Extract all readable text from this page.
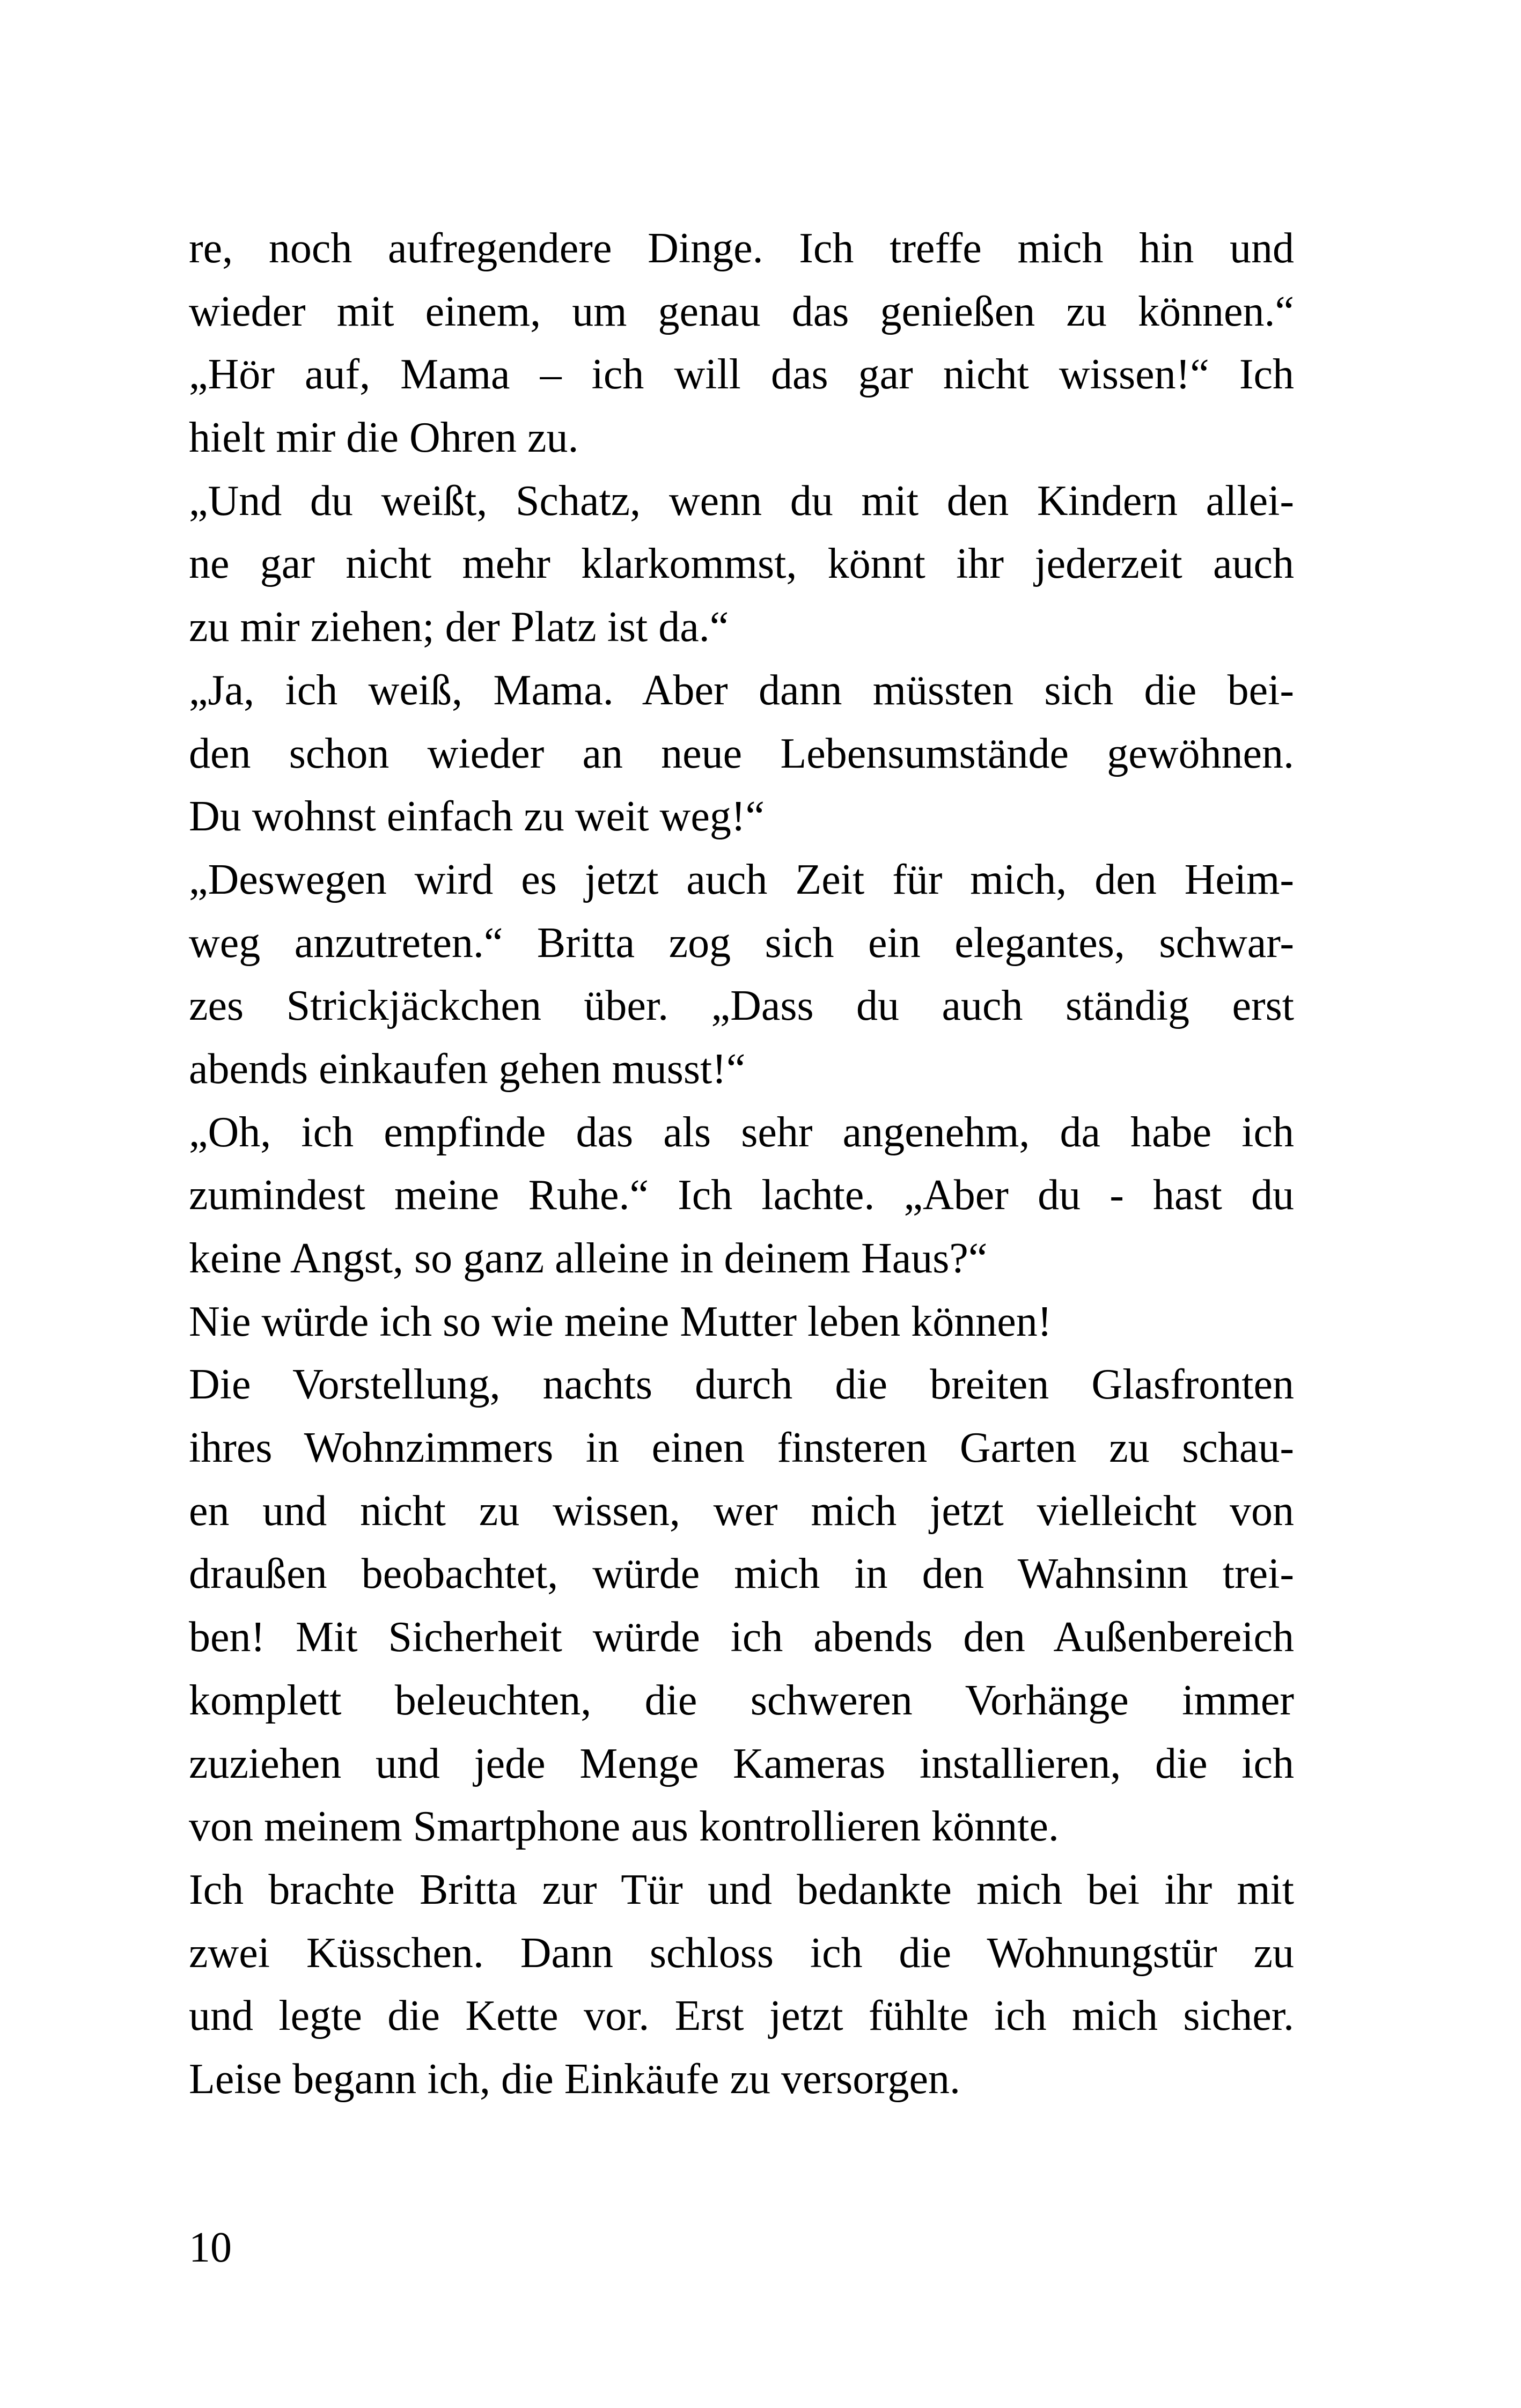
re, noch aufregendere Dinge. Ich treffe mich hin und
wieder mit einem, um genau das genießen zu können.“
„Hör auf, Mama – ich will das gar nicht wissen!“ Ich
hielt mir die Ohren zu.
„Und du weißt, Schatz, wenn du mit den Kindern allei-
ne gar nicht mehr klarkommst, könnt ihr jederzeit auch
zu mir ziehen; der Platz ist da.“
„Ja, ich weiß, Mama. Aber dann müssten sich die bei-
den schon wieder an neue Lebensumstände gewöhnen.
Du wohnst einfach zu weit weg!“
„Deswegen wird es jetzt auch Zeit für mich, den Heim-
weg anzutreten.“ Britta zog sich ein elegantes, schwar-
zes Strickjäckchen über. „Dass du auch ständig erst
abends einkaufen gehen musst!“
„Oh, ich empfinde das als sehr angenehm, da habe ich
zumindest meine Ruhe.“ Ich lachte. „Aber du - hast du
keine Angst, so ganz alleine in deinem Haus?“
Nie würde ich so wie meine Mutter leben können!
Die Vorstellung, nachts durch die breiten Glasfronten
ihres Wohnzimmers in einen finsteren Garten zu schau-
en und nicht zu wissen, wer mich jetzt vielleicht von
draußen beobachtet, würde mich in den Wahnsinn trei-
ben! Mit Sicherheit würde ich abends den Außenbereich
komplett beleuchten, die schweren Vorhänge immer
zuziehen und jede Menge Kameras installieren, die ich
von meinem Smartphone aus kontrollieren könnte.
Ich brachte Britta zur Tür und bedankte mich bei ihr mit
zwei Küsschen. Dann schloss ich die Wohnungstür zu
und legte die Kette vor. Erst jetzt fühlte ich mich sicher.
Leise begann ich, die Einkäufe zu versorgen.
10
